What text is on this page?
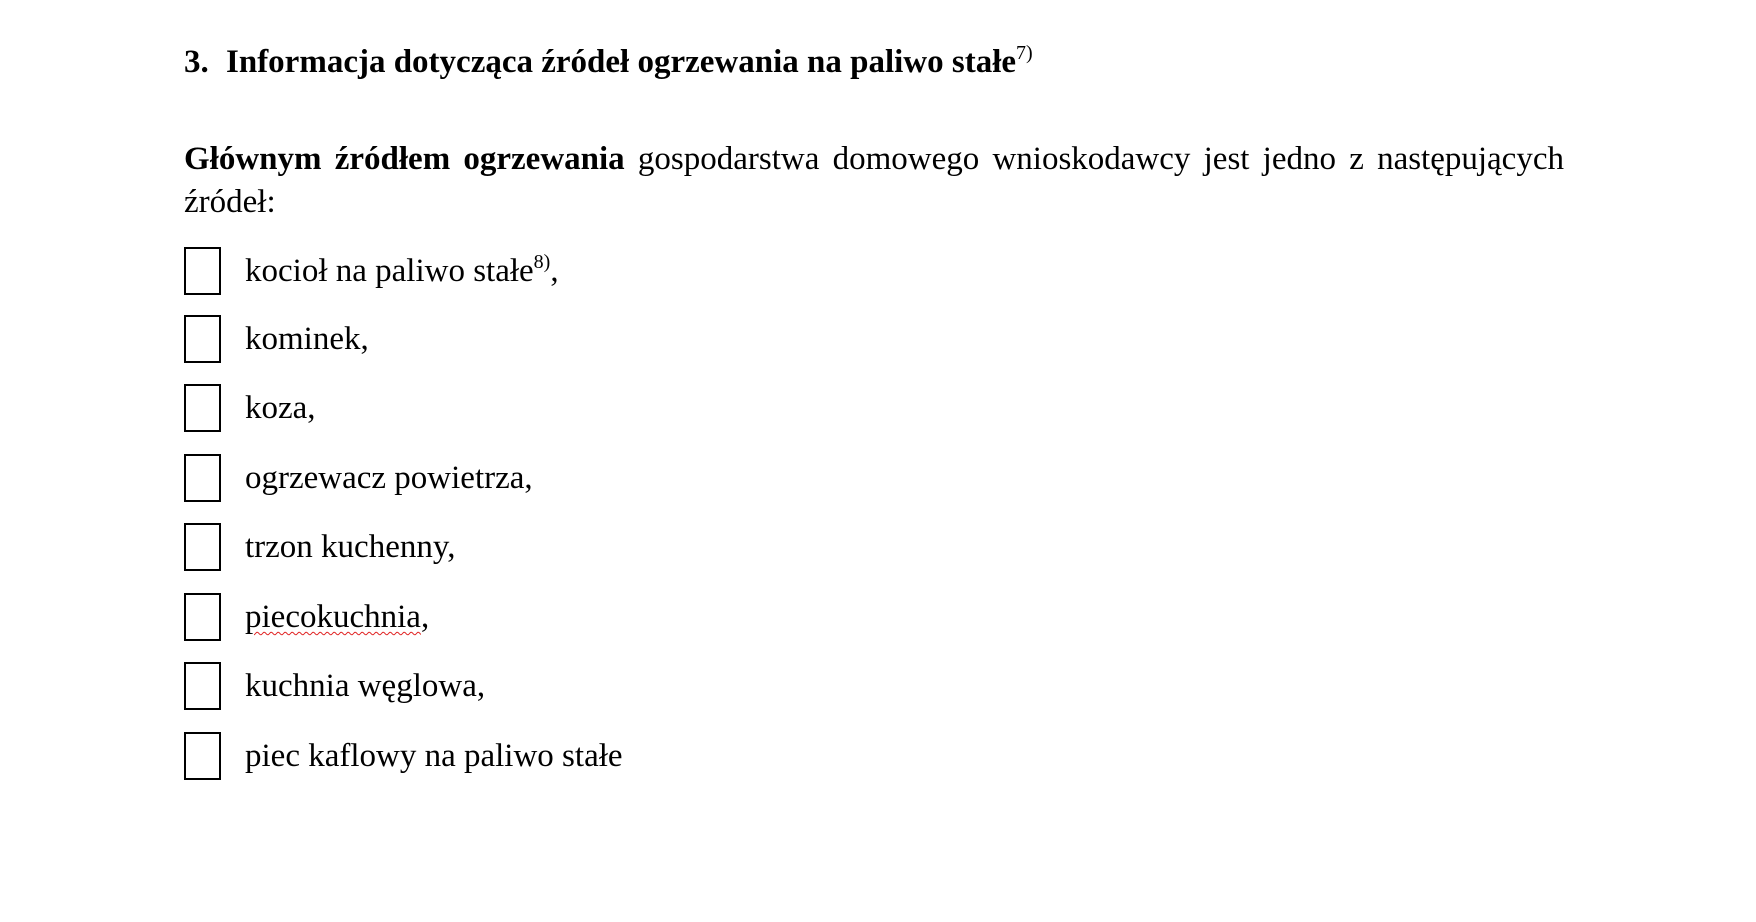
3. Informacja dotycząca źródeł ogrzewania na paliwo stałe$^{7)}$
Głównym źródłem ogrzewania gospodarstwa domowego wnioskodawcy jest jedno z następujących źródeł:
kocioł na paliwo stałe$^{8)}$,
kominek,
koza,
ogrzewacz powietrza,
trzon kuchenny,
piecokuchnia,
kuchnia węglowa,
piec kaflowy na paliwo stałe
